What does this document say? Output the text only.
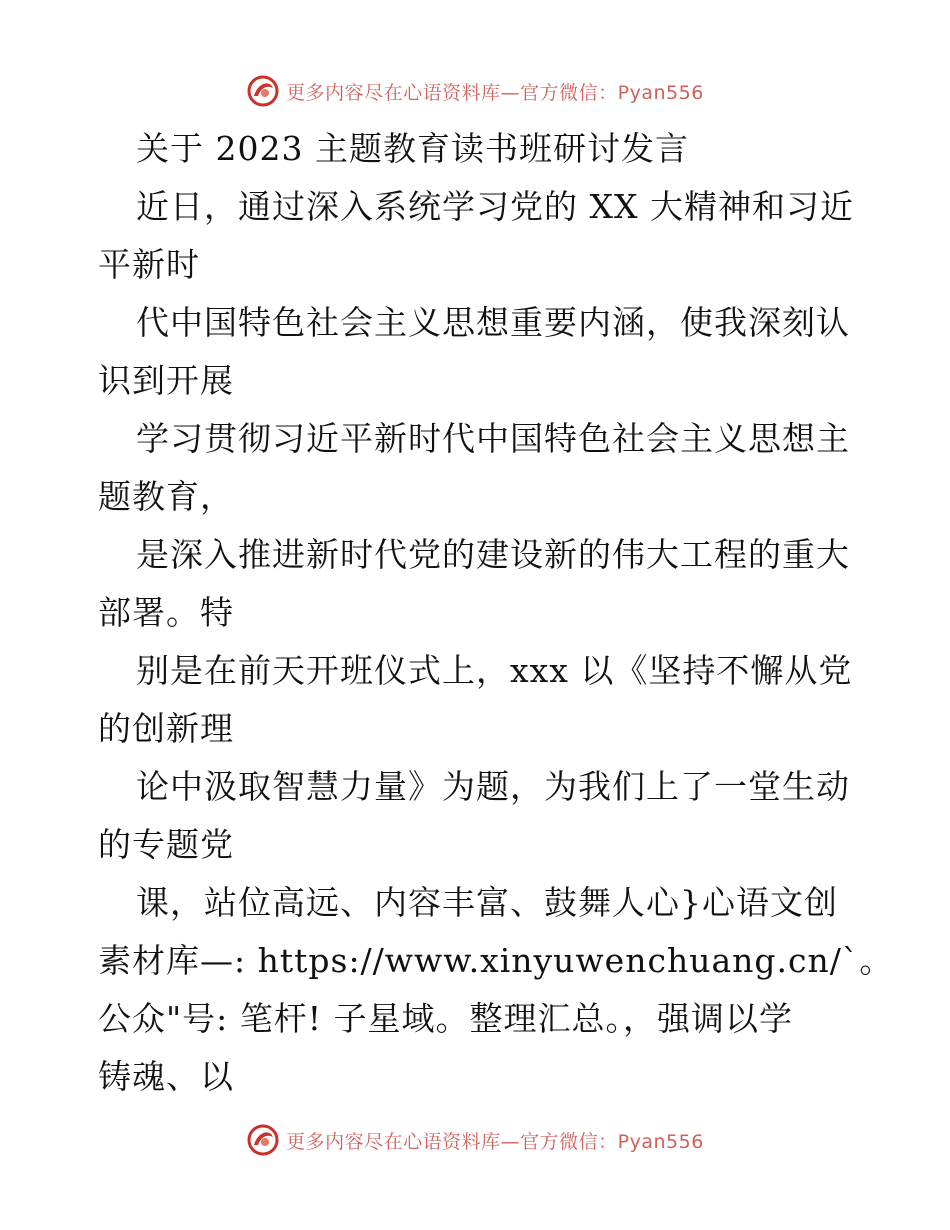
更多内容尽在心语资料库—官方微信：Pyan556
关于 2023 主题教育读书班研讨发言
近日，通过深入系统学习党的 XX 大精神和习近
平新时
代中国特色社会主义思想重要内涵，使我深刻认
识到开展
学习贯彻习近平新时代中国特色社会主义思想主
题教育，
是深入推进新时代党的建设新的伟大工程的重大
部署。特
别是在前天开班仪式上，xxx 以《坚持不懈从党
的创新理
论中汲取智慧力量》为题，为我们上了一堂生动
的专题党
课，站位高远、内容丰富、鼓舞人心}心语文创
素材库—: https://www.xinyuwenchuang.cn/`。
公众"号: 笔杆! 子星域。整理汇总。，强调以学
铸魂、以
更多内容尽在心语资料库—官方微信：Pyan556
